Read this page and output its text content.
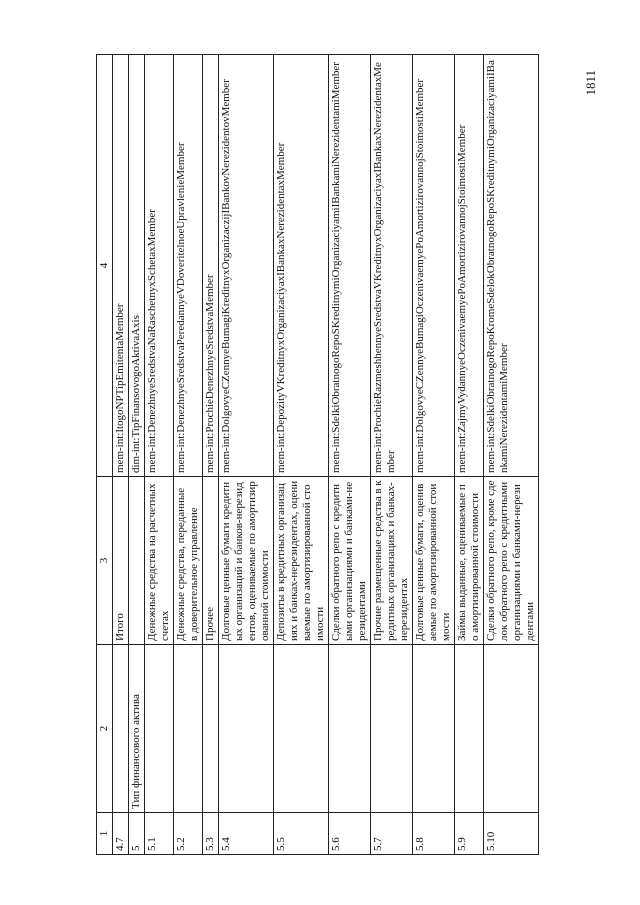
1811
1	2	3	4
4.7		Итого	mem-int:ItogoNPTipEmitentaMember
5	Тип финансового актива		dim-int:TipFinansovogoAktivaAxis
5.1		Денежные средства на расчетных счетах	mem-int:DenezhnyeSredstvaNaRaschetnyxSchetaxMember
5.2		Денежные средства, переданные в доверительное управление	mem-int:DenezhnyeSredstvaPeredannyeVDoveritelnoeUpravlenieMember
5.3		Прочее	mem-int:ProchieDenezhnyeSredstvaMember
5.4		Долговые ценные бумаги кредитных организаций и банков-нерезидентов, оцениваемые по амортизированной стоимости	mem-int:DolgovyeCZennyeBumagiKreditnyxOrganizaczijIBankovNerezidentovMember
5.5		Депозиты в кредитных организациях и банках-нерезидентах, оцениваемые по амортизированной стоимости	mem-int:DepozityVKreditnyxOrganizaciyaxIBankaxNerezidentaxMember
5.6		Сделки обратного репо с кредитными организациями и банками-нерезидентами	mem-int:SdelkiObratnogoRepoSKreditnymiOrganizaciyamiIBankamiNerezidentamiMember
5.7		Прочие размещенные средства в кредитных организациях и банках-нерезидентах	mem-int:ProchieRazmeshhennyeSredstvaVKreditnyxOrganizaciyaxIBankaxNerezidentaxMember
5.8		Долговые ценные бумаги, оцениваемые по амортизированной стоимости	mem-int:DolgovyeCZennyeBumagiOczenivaemyePoAmortizirovannojStoimostiMember
5.9		Займы выданные, оцениваемые по амортизированной стоимости	mem-int:ZajmyVydannyeOczenivaemyePoAmortizirovannojStoimostiMember
5.10		Сделки обратного репо, кроме сделок обратного репо с кредитными организациями и банками-нерезидентами	mem-int:SdelkiObratnogoRepoKromeSdelokObratnogoRepoSKreditnymiOrganizaciyamiIBankamiNerezidentamiMember
